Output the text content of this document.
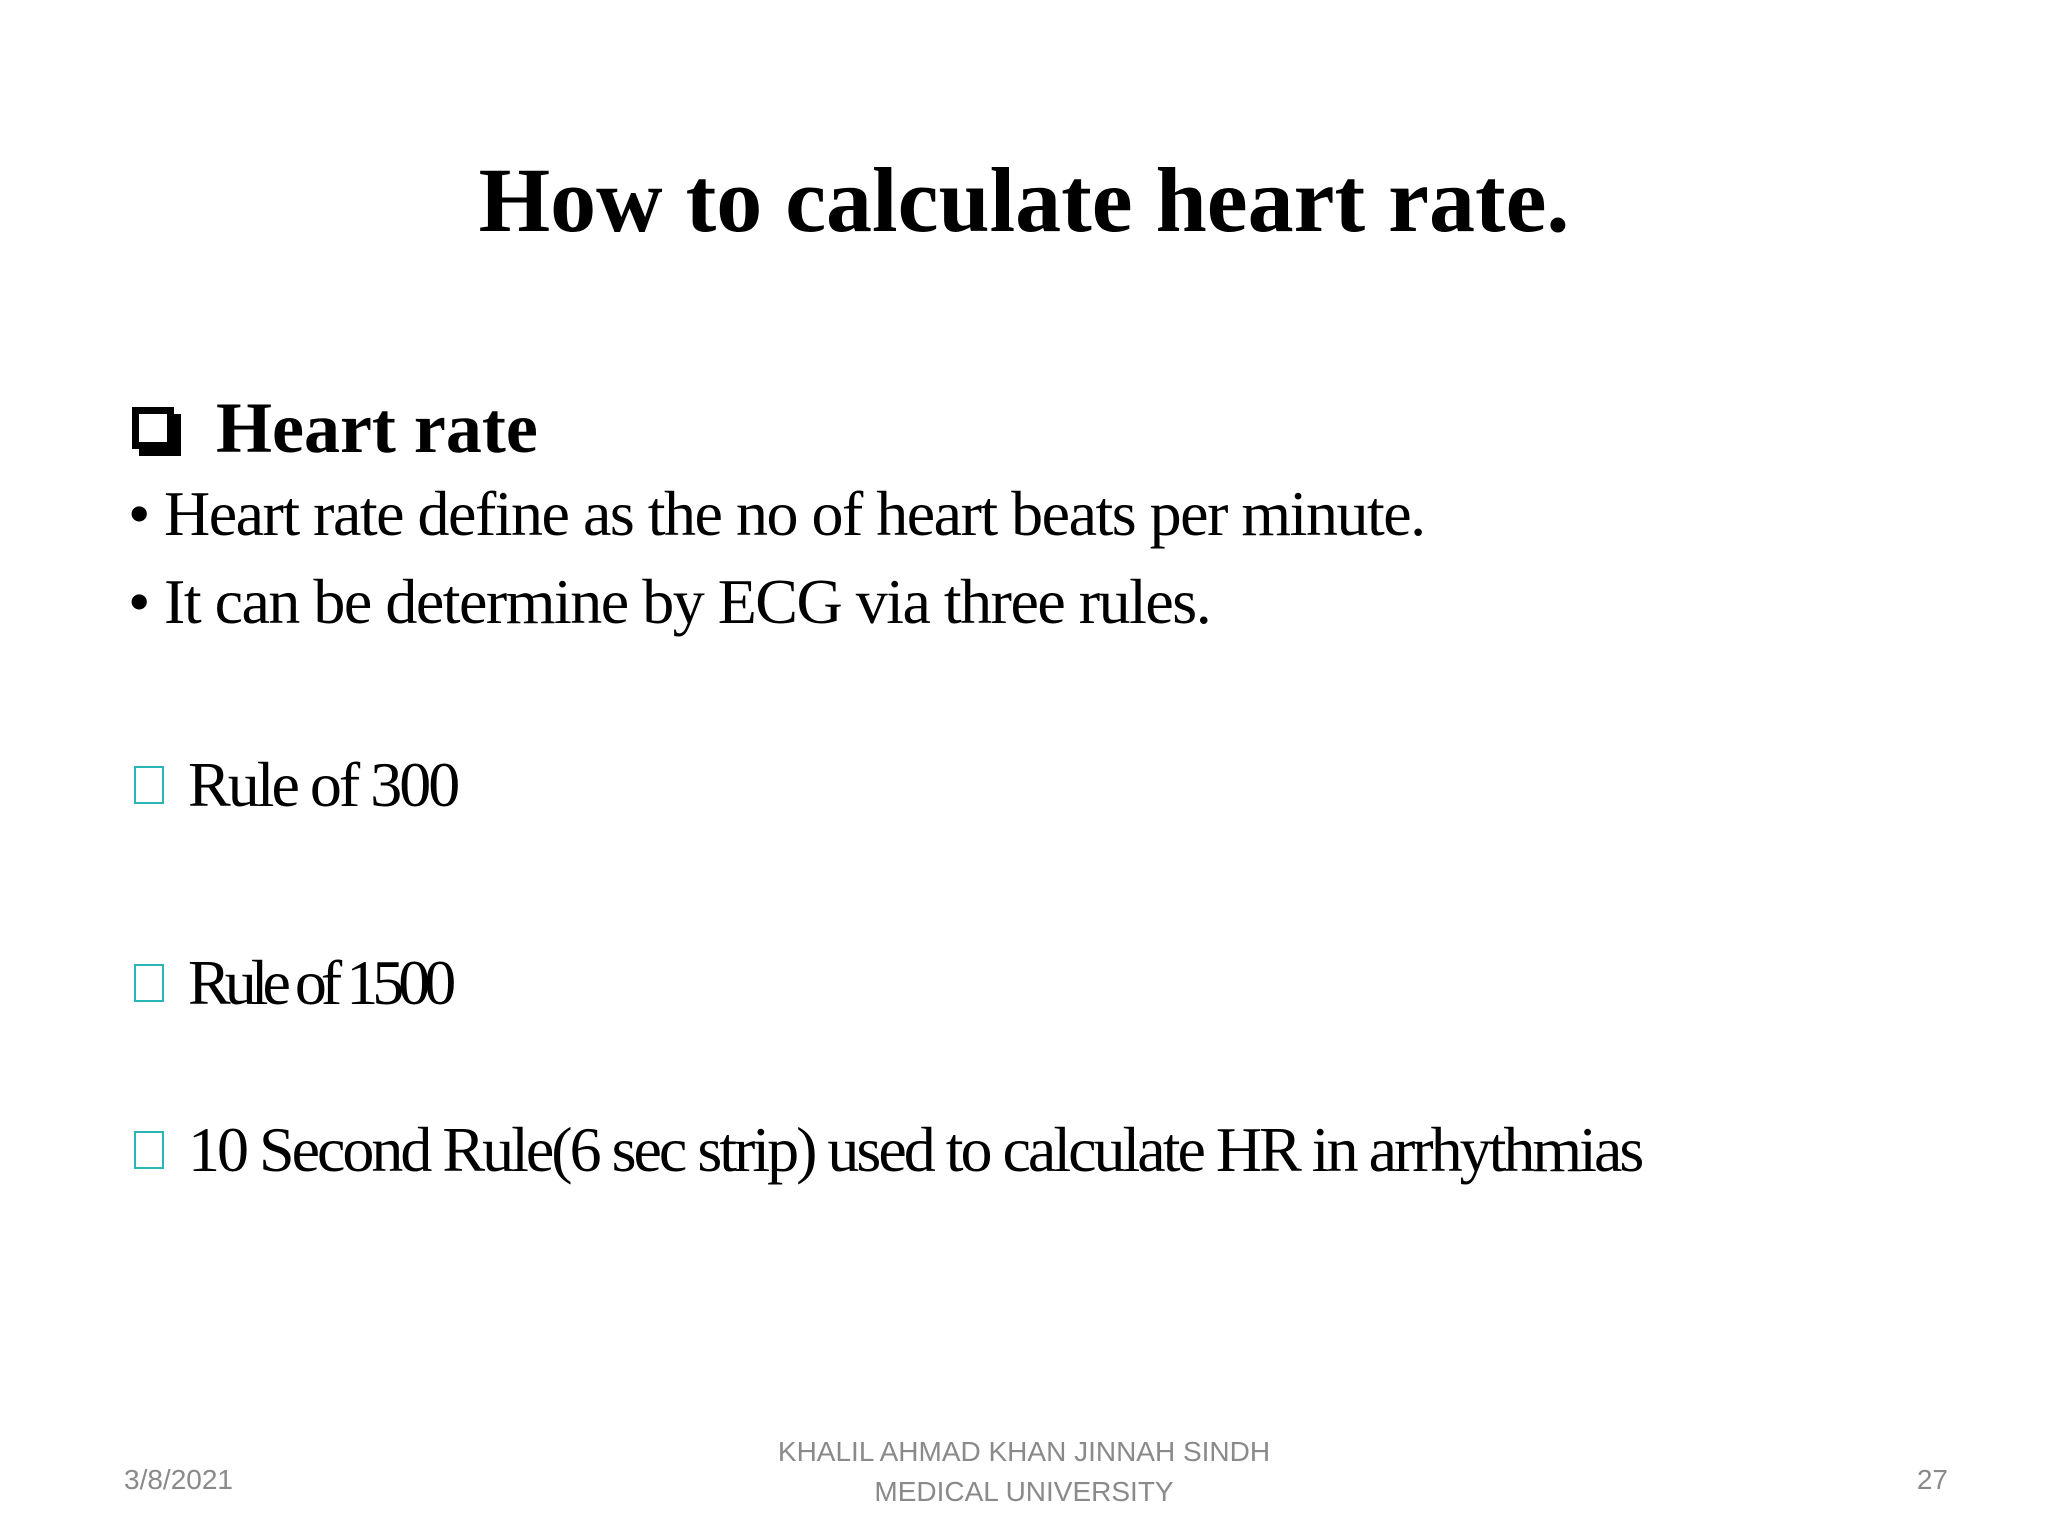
How to calculate heart rate.
Heart rate
• Heart rate define as the no of heart beats per minute.
• It can be determine by ECG via three rules.
Rule of 300
Rule of 1500
10 Second Rule(6 sec strip) used to calculate HR in arrhythmias
3/8/2021
KHALIL AHMAD KHAN JINNAH SINDH
MEDICAL UNIVERSITY	27
